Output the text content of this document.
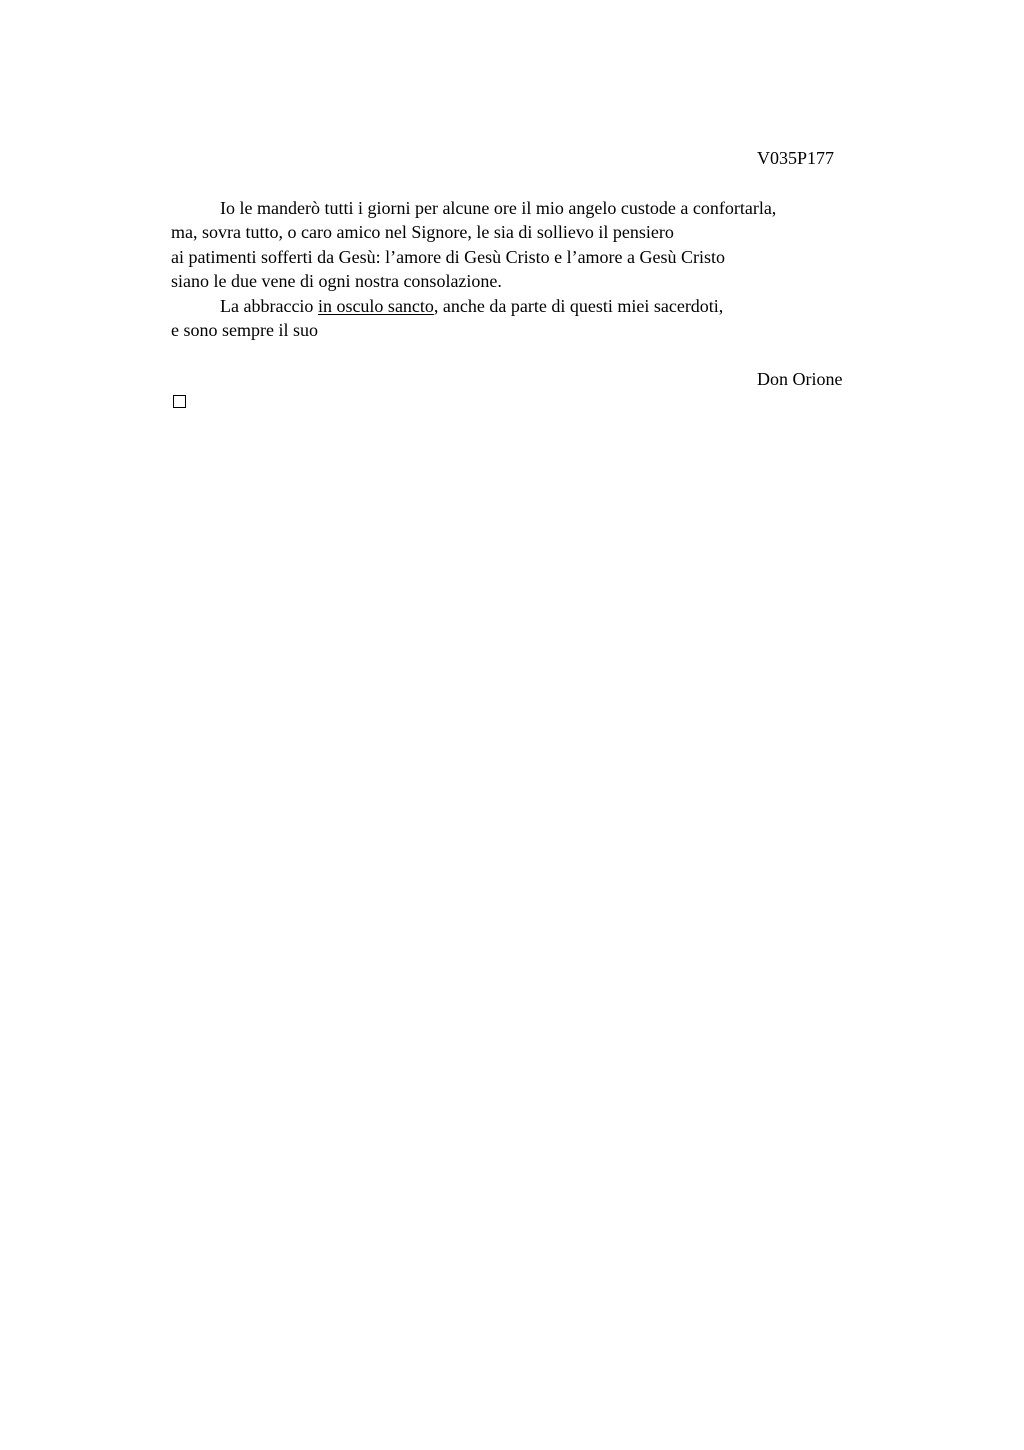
V035P177
Io le manderò tutti i giorni per alcune ore il mio angelo custode a confortarla,
ma, sovra tutto, o caro amico nel Signore, le sia di sollievo il pensiero
ai patimenti sofferti da Gesù: l’amore di Gesù Cristo e l’amore a Gesù Cristo
siano le due vene di ogni nostra consolazione.
La abbraccio in osculo sancto, anche da parte di questi miei sacerdoti,
e sono sempre il suo
Don Orione
